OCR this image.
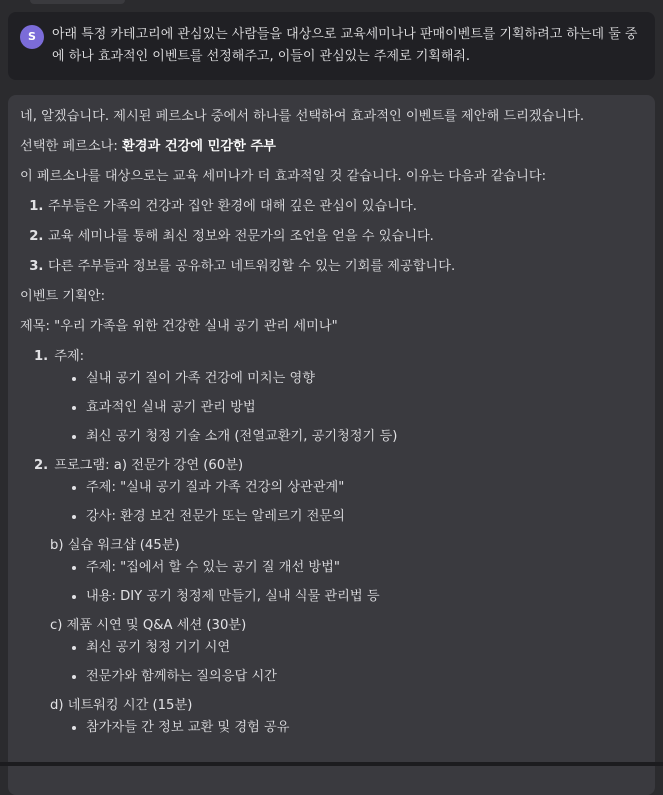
S	아래 특정 카테고리에 관심있는 사람들을 대상으로 교육세미나나 판매이벤트를 기획하려고 하는데 둘 중에 하나 효과적인 이벤트를 선정해주고, 이들이 관심있는 주제로 기획해줘.

네, 알겠습니다. 제시된 페르소나 중에서 하나를 선택하여 효과적인 이벤트를 제안해 드리겠습니다.

선택한 페르소나: 환경과 건강에 민감한 주부

이 페르소나를 대상으로는 교육 세미나가 더 효과적일 것 같습니다. 이유는 다음과 같습니다:

1. 주부들은 가족의 건강과 집안 환경에 대해 깊은 관심이 있습니다.
2. 교육 세미나를 통해 최신 정보와 전문가의 조언을 얻을 수 있습니다.
3. 다른 주부들과 정보를 공유하고 네트워킹할 수 있는 기회를 제공합니다.

이벤트 기획안:

제목: "우리 가족을 위한 건강한 실내 공기 관리 세미나"

1. 주제:
• 실내 공기 질이 가족 건강에 미치는 영향
• 효과적인 실내 공기 관리 방법
• 최신 공기 청정 기술 소개 (전열교환기, 공기청정기 등)
2. 프로그램: a) 전문가 강연 (60분)
• 주제: "실내 공기 질과 가족 건강의 상관관계"
• 강사: 환경 보건 전문가 또는 알레르기 전문의
b) 실습 워크샵 (45분)
• 주제: "집에서 할 수 있는 공기 질 개선 방법"
• 내용: DIY 공기 청정제 만들기, 실내 식물 관리법 등
c) 제품 시연 및 Q&A 세션 (30분)
• 최신 공기 청정 기기 시연
• 전문가와 함께하는 질의응답 시간
d) 네트워킹 시간 (15분)
• 참가자들 간 정보 교환 및 경험 공유
